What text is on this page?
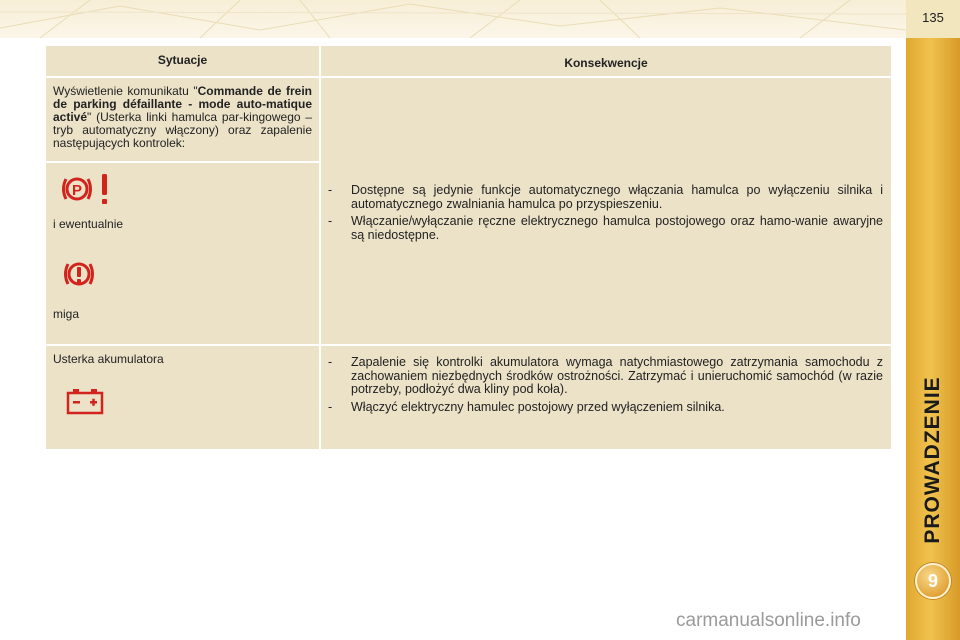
135
PROWADZENIE
9
Sytuacje	Konsekwencje
Wyświetlenie komunikatu "Commande de frein de parking défaillante - mode auto-matique activé" (Usterka linki hamulca par-kingowego – tryb automatyczny włączony) oraz zapalenie następujących kontrolek:
P
i ewentualnie
miga
- Dostępne są jedynie funkcje automatycznego włączania hamulca po wyłączeniu silnika i automatycznego zwalniania hamulca po przyspieszeniu.
- Włączanie/wyłączanie ręczne elektrycznego hamulca postojowego oraz hamo-wanie awaryjne są niedostępne.
Usterka akumulatora	- Zapalenie się kontrolki akumulatora wymaga natychmiastowego zatrzymania samochodu z zachowaniem niezbędnych środków ostrożności. Zatrzymać i unieruchomić samochód (w razie potrzeby, podłożyć dwa kliny pod koła).
- Włączyć elektryczny hamulec postojowy przed wyłączeniem silnika.
carmanualsonline.info
